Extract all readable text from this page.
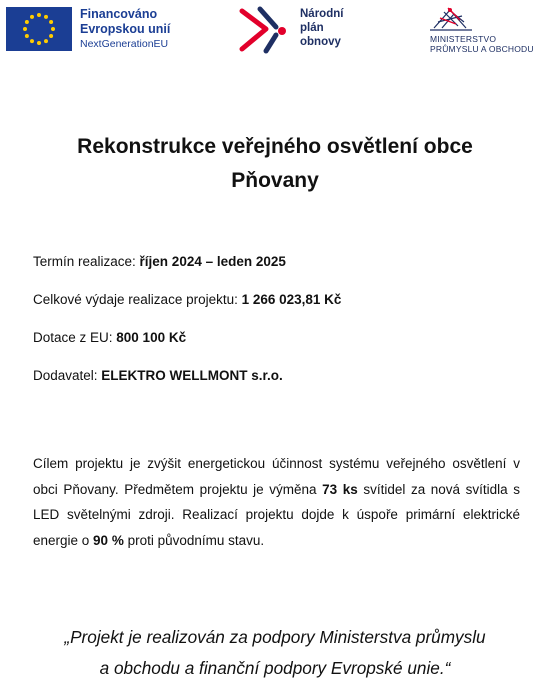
Financováno
Evropskou unií
NextGenerationEU
Národní
plán
obnovy	MINISTERSTVO
PRŮMYSLU A OBCHODU
Rekonstrukce veřejného osvětlení obce
Pňovany

Termín realizace: říjen 2024 – leden 2025

Celkové výdaje realizace projektu: 1 266 023,81 Kč

Dotace z EU: 800 100 Kč

Dodavatel: ELEKTRO WELLMONT s.r.o.

Cílem projektu je zvýšit energetickou účinnost systému veřejného osvětlení v obci Pňovany. Předmětem projektu je výměna 73 ks svítidel za nová svítidla s LED světelnými zdroji. Realizací projektu dojde k úspoře primární elektrické energie o 90 % proti původnímu stavu.

„Projekt je realizován za podpory Ministerstva průmyslu

a obchodu a finanční podpory Evropské unie.“
